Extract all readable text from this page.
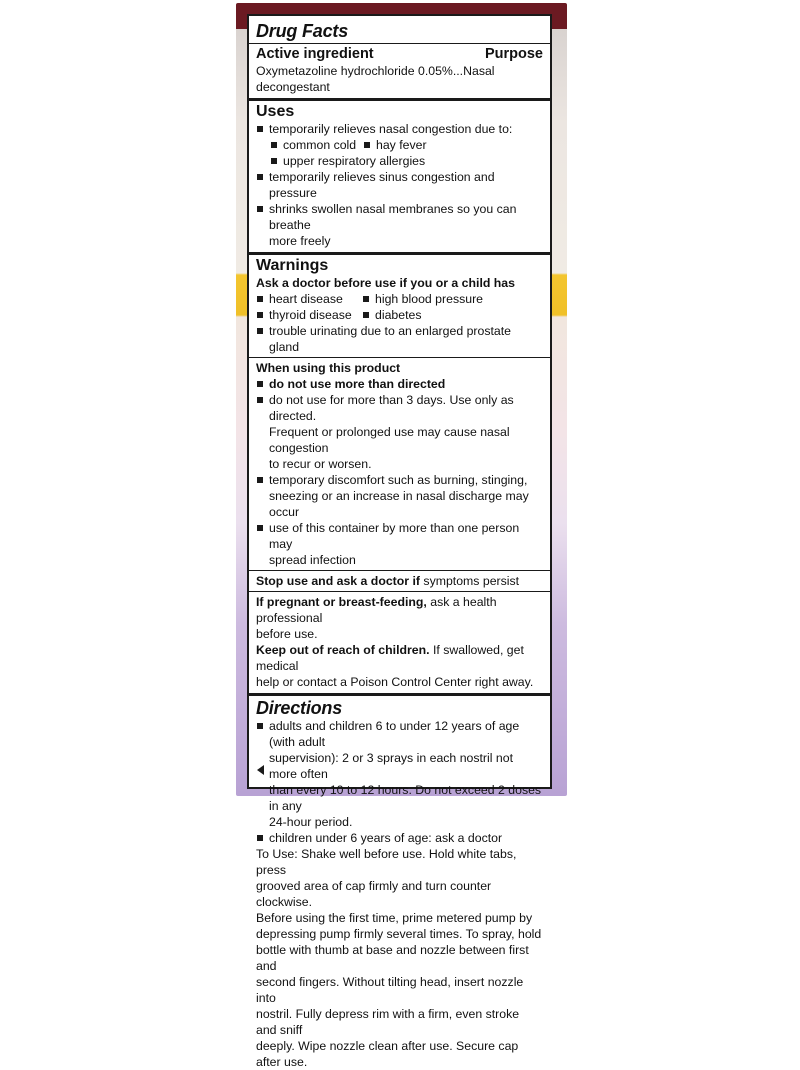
Drug Facts
Active ingredient	Purpose
Oxymetazoline hydrochloride 0.05%...Nasal decongestant
Uses
temporarily relieves nasal congestion due to:
common cold	hay fever
upper respiratory allergies
temporarily relieves sinus congestion and pressure
shrinks swollen nasal membranes so you can breathe
more freely
Warnings
Ask a doctor before use if you or a child has
heart disease	high blood pressure
thyroid disease	diabetes
trouble urinating due to an enlarged prostate gland
When using this product
do not use more than directed
do not use for more than 3 days. Use only as directed.
Frequent or prolonged use may cause nasal congestion
to recur or worsen.
temporary discomfort such as burning, stinging,
sneezing or an increase in nasal discharge may occur
use of this container by more than one person may
spread infection
Stop use and ask a doctor if symptoms persist
If pregnant or breast-feeding, ask a health professional
before use.
Keep out of reach of children. If swallowed, get medical
help or contact a Poison Control Center right away.
Directions
adults and children 6 to under 12 years of age (with adult
supervision): 2 or 3 sprays in each nostril not more often
than every 10 to 12 hours. Do not exceed 2 doses in any
24-hour period.
children under 6 years of age: ask a doctor
To Use: Shake well before use. Hold white tabs, press
grooved area of cap firmly and turn counter clockwise.
Before using the first time, prime metered pump by
depressing pump firmly several times. To spray, hold
bottle with thumb at base and nozzle between first and
second fingers. Without tilting head, insert nozzle into
nostril. Fully depress rim with a firm, even stroke and sniff
deeply. Wipe nozzle clean after use. Secure cap after use.
